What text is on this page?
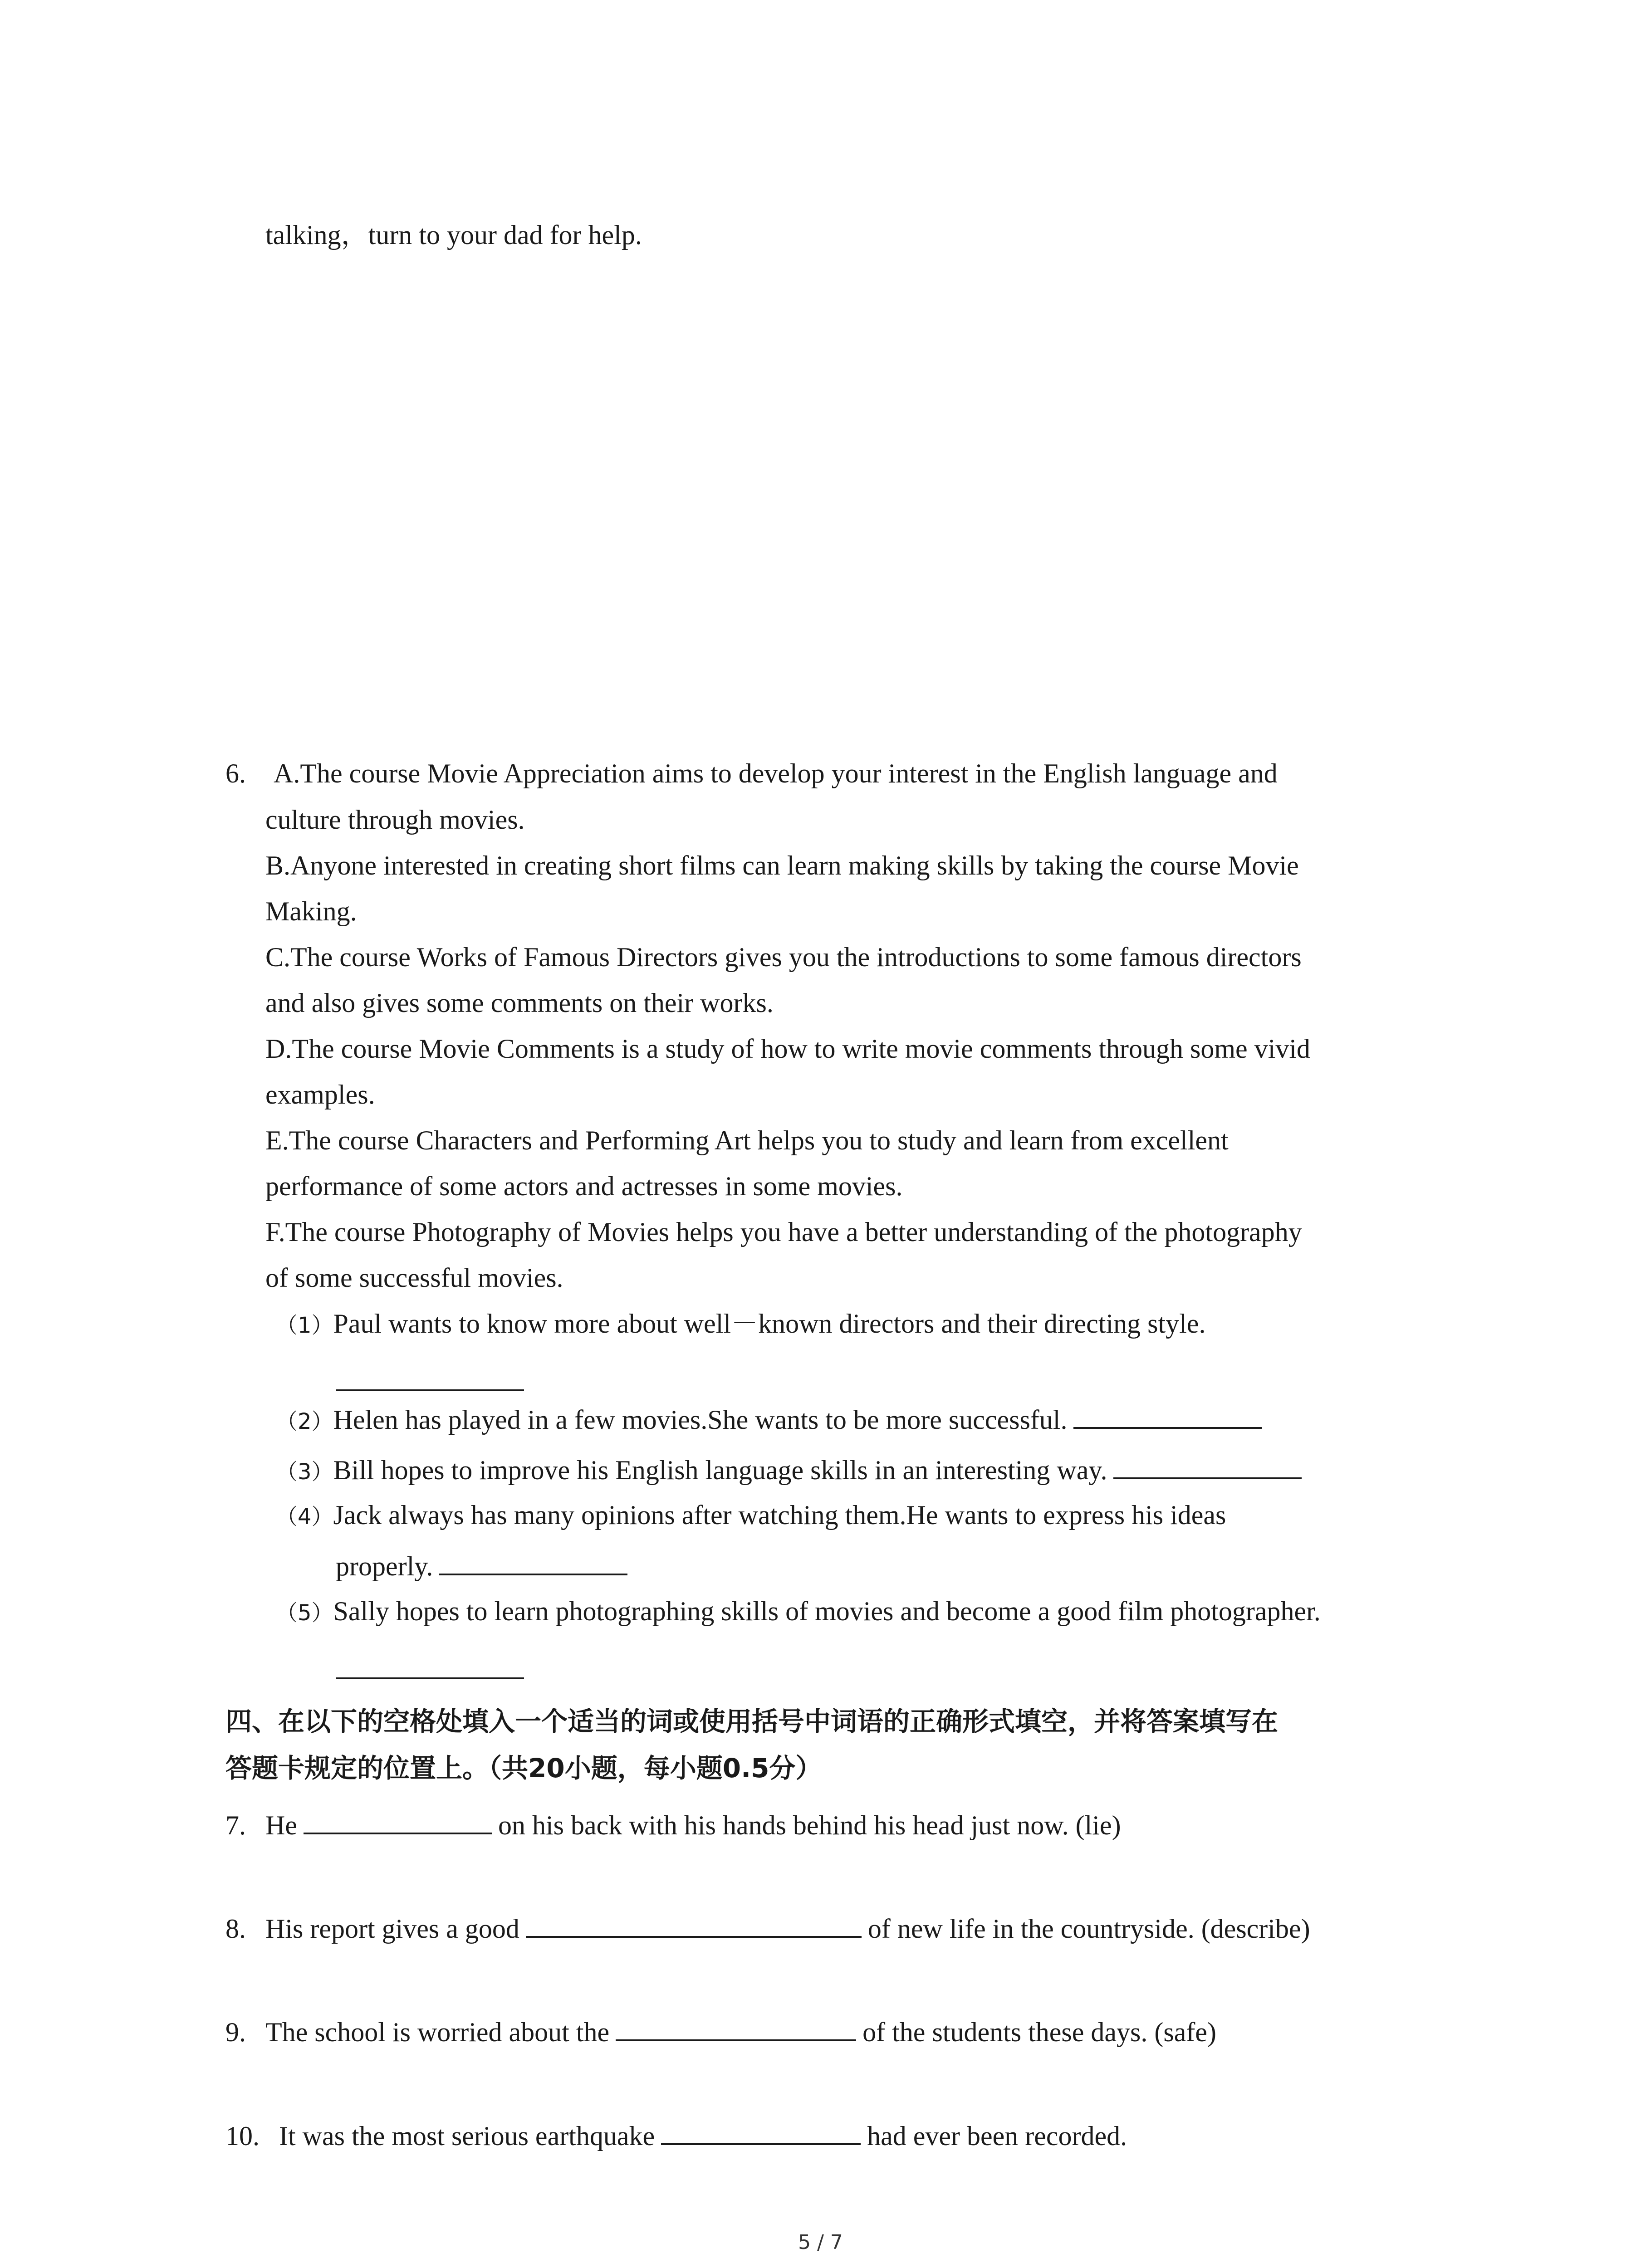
talking，turn to your dad for help.
6. A.The course Movie Appreciation aims to develop your interest in the English language and
culture through movies.
B.Anyone interested in creating short films can learn making skills by taking the course Movie
Making.
C.The course Works of Famous Directors gives you the introductions to some famous directors
and also gives some comments on their works.
D.The course Movie Comments is a study of how to write movie comments through some vivid
examples.
E.The course Characters and Performing Art helps you to study and learn from excellent
performance of some actors and actresses in some movies.
F.The course Photography of Movies helps you have a better understanding of the photography
of some successful movies.
（1）Paul wants to know more about well－known directors and their directing style.
（2）Helen has played in a few movies.She wants to be more successful.
（3）Bill hopes to improve his English language skills in an interesting way.
（4）Jack always has many opinions after watching them.He wants to express his ideas
properly.
（5）Sally hopes to learn photographing skills of movies and become a good film photographer.
四、在以下的空格处填入一个适当的词或使用括号中词语的正确形式填空，并将答案填写在
答题卡规定的位置上。（共20小题，每小题0.5分）
7. He	on his back with his hands behind his head just now. (lie)
8. His report gives a good	of new life in the countryside. (describe)
9. The school is worried about the	of the students these days. (safe)
10. It was the most serious earthquake	had ever been recorded.
5 / 7
